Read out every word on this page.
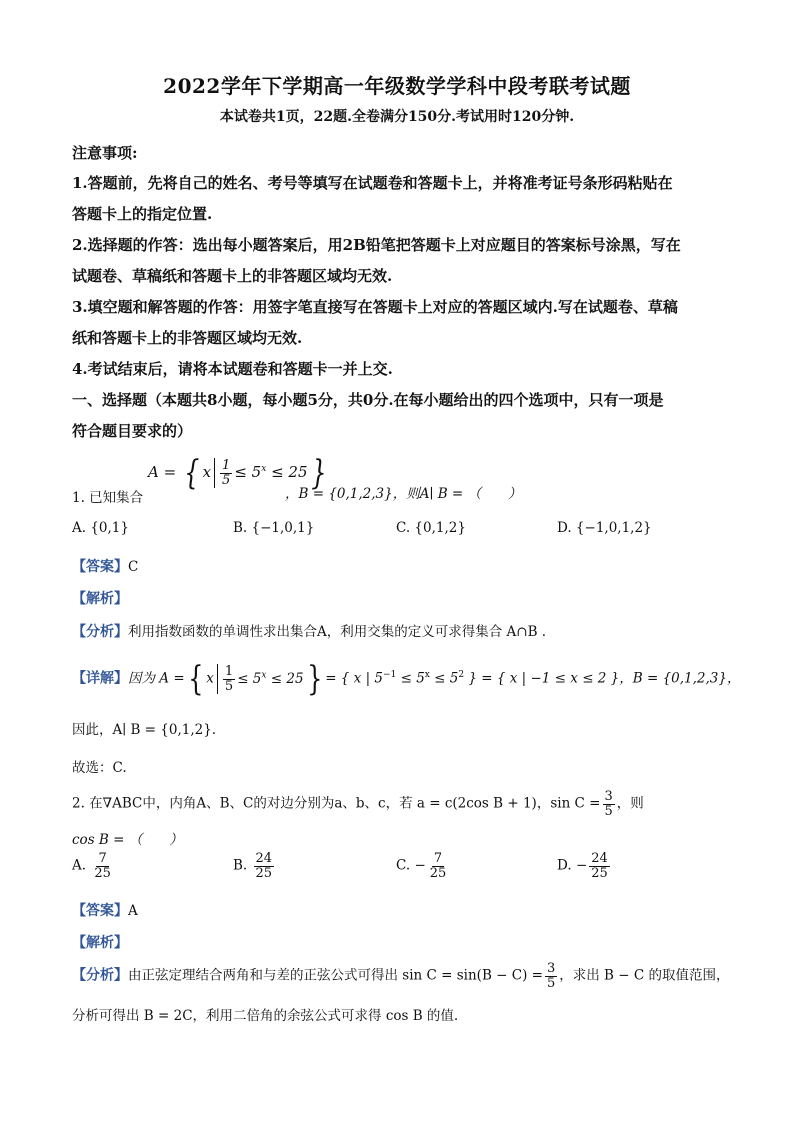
2022学年下学期高一年级数学学科中段考联考试题
本试卷共1页，22题.全卷满分150分.考试用时120分钟.
注意事项:
1.答题前，先将自己的姓名、考号等填写在试题卷和答题卡上，并将准考证号条形码粘贴在
答题卡上的指定位置.
2.选择题的作答：选出每小题答案后，用2B铅笔把答题卡上对应题目的答案标号涂黑，写在
试题卷、草稿纸和答题卡上的非答题区域均无效.
3.填空题和解答题的作答：用签字笔直接写在答题卡上对应的答题区域内.写在试题卷、草稿
纸和答题卡上的非答题区域均无效.
4.考试结束后，请将本试题卷和答题卡一并上交.
一、选择题（本题共8小题，每小题5分，共0分.在每小题给出的四个选项中，只有一项是
符合题目要求的）
A = { x $\frac{1}{5} \le 5^x \le 25$}
1. 已知集合	，B = {0,1,2,3}，则A∣ B = （　　）
A. {0,1}	B. {−1,0,1}	C. {0,1,2}	D. {−1,0,1,2}
【答案】C
【解析】
【分析】利用指数函数的单调性求出集合A，利用交集的定义可求得集合 A∩B .
【详解】因为 A ={ x $\frac{1}{5} \le 5^x \le 25$} = { x | $5^{-1} \le 5^x \le 5^2$ } = { x | −1 ≤ x ≤ 2 }，B = {0,1,2,3}，
因此，A∣ B = {0,1,2}.
故选：C.
2. 在∇ABC中，内角A、B、C的对边分别为a、b、c，若 a = c(2cos B + 1)，$\sin C = \frac{3}{5}$ ，则
cos B = （　　）
A. $\frac{7}{25}$	B. $\frac{24}{25}$	C. − $\frac{7}{25}$	D. − $\frac{24}{25}$
【答案】A
【解析】
【分析】由正弦定理结合两角和与差的正弦公式可得出 $\sin C = \sin(B - C) = \frac{3}{5}$ ，求出 B − C 的取值范围，
分析可得出 B = 2C，利用二倍角的余弦公式可求得 cos B 的值.
